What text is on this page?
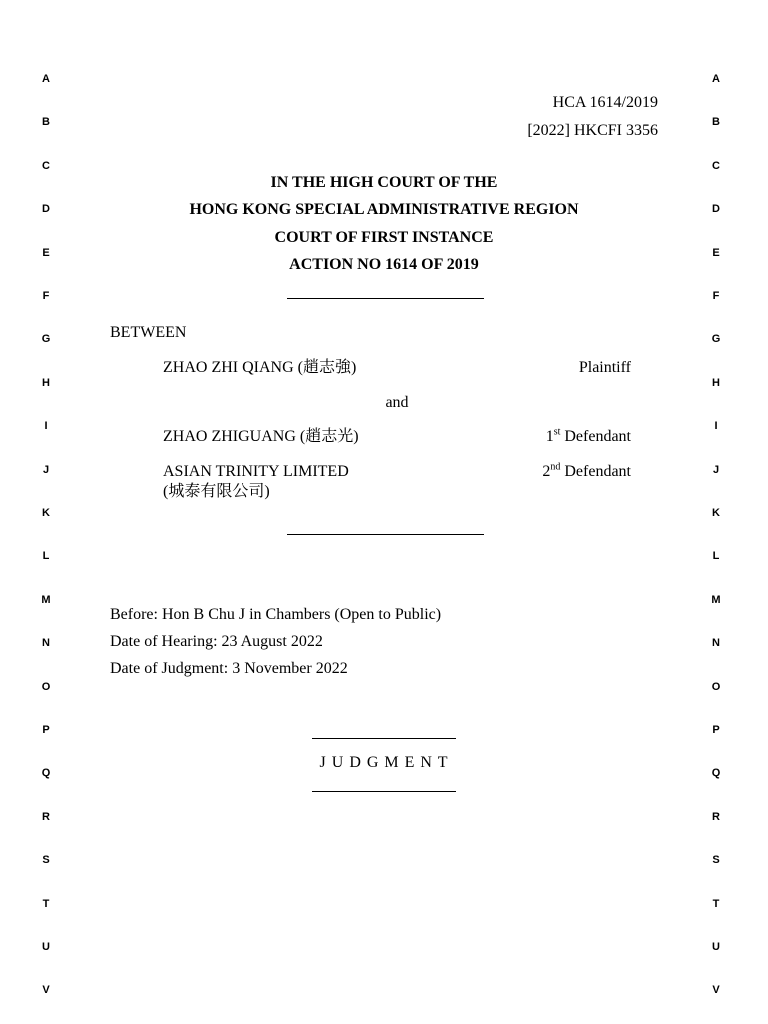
A
B
C
D
E
F
G
H
I
J
K
L
M
N
O
P
Q
R
S
T
U
V
A
B
C
D
E
F
G
H
I
J
K
L
M
N
O
P
Q
R
S
T
U
V
HCA 1614/2019
[2022] HKCFI 3356
IN THE HIGH COURT OF THE
HONG KONG SPECIAL ADMINISTRATIVE REGION
COURT OF FIRST INSTANCE
ACTION NO 1614 OF 2019
BETWEEN
ZHAO ZHI QIANG (趙志強)	Plaintiff
and
ZHAO ZHIGUANG (趙志光)	1st Defendant
ASIAN TRINITY LIMITED
(城泰有限公司)
2nd Defendant
Before: Hon B Chu J in Chambers (Open to Public)
Date of Hearing: 23 August 2022
Date of Judgment: 3 November 2022
J U D G M E N T
